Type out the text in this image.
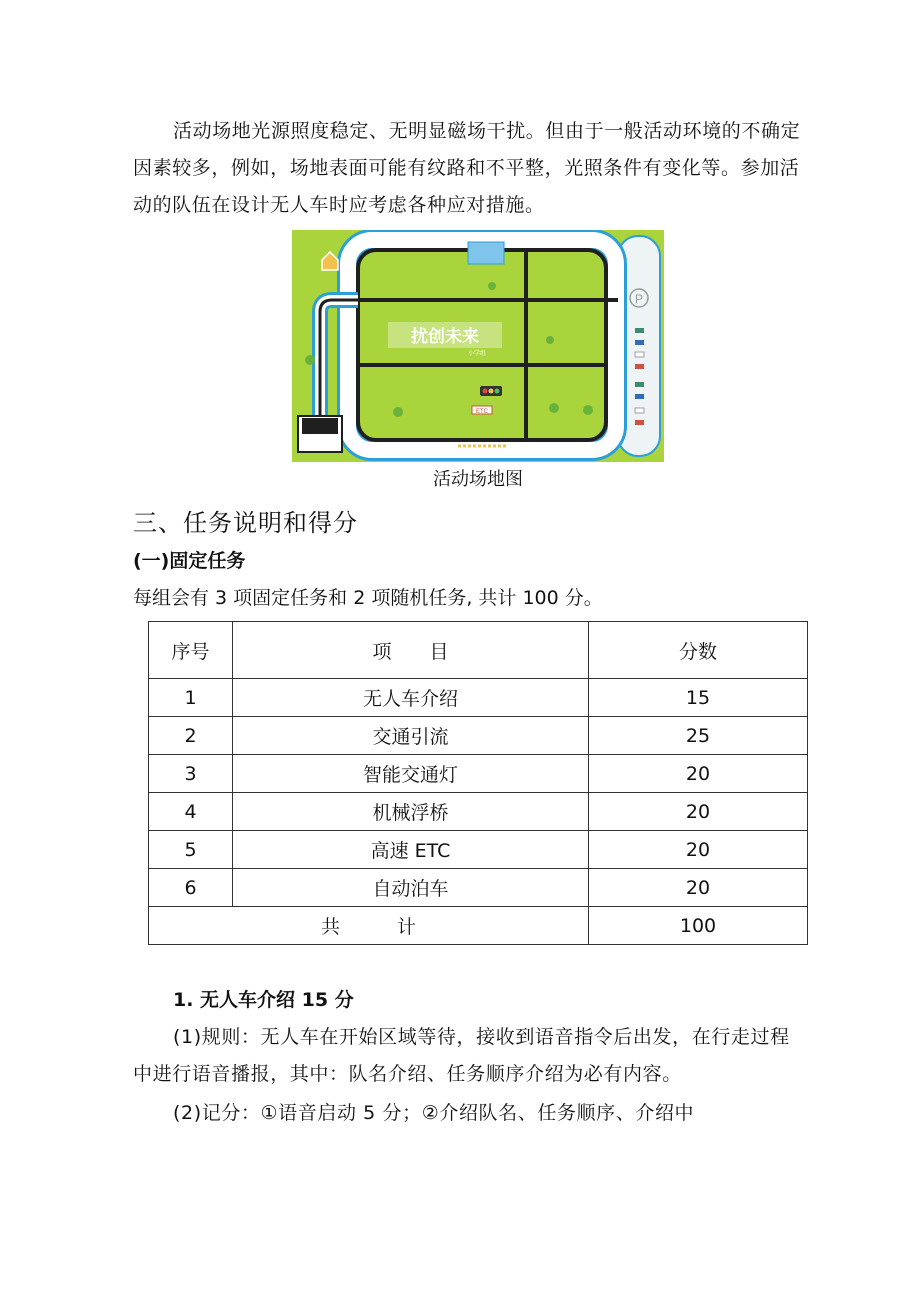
活动场地光源照度稳定、无明显磁场干扰。但由于一般活动环境的不确定
因素较多，例如，场地表面可能有纹路和不平整，光照条件有变化等。参加活
动的队伍在设计无人车时应考虑各种应对措施。
P
扰创未来
小学组
ETC
活动场地图
三、任务说明和得分
(一)固定任务
每组会有 3 项固定任务和 2 项随机任务, 共计 100 分。
序号	项　　目	分数
1	无人车介绍	15
2	交通引流	25
3	智能交通灯	20
4	机械浮桥	20
5	高速 ETC	20
6	自动泊车	20
共　　　计		100
1. 无人车介绍 15 分
(1)规则：无人车在开始区域等待，接收到语音指令后出发，在行走过程
中进行语音播报，其中：队名介绍、任务顺序介绍为必有内容。
(2)记分：①语音启动 5 分；②介绍队名、任务顺序、介绍中
